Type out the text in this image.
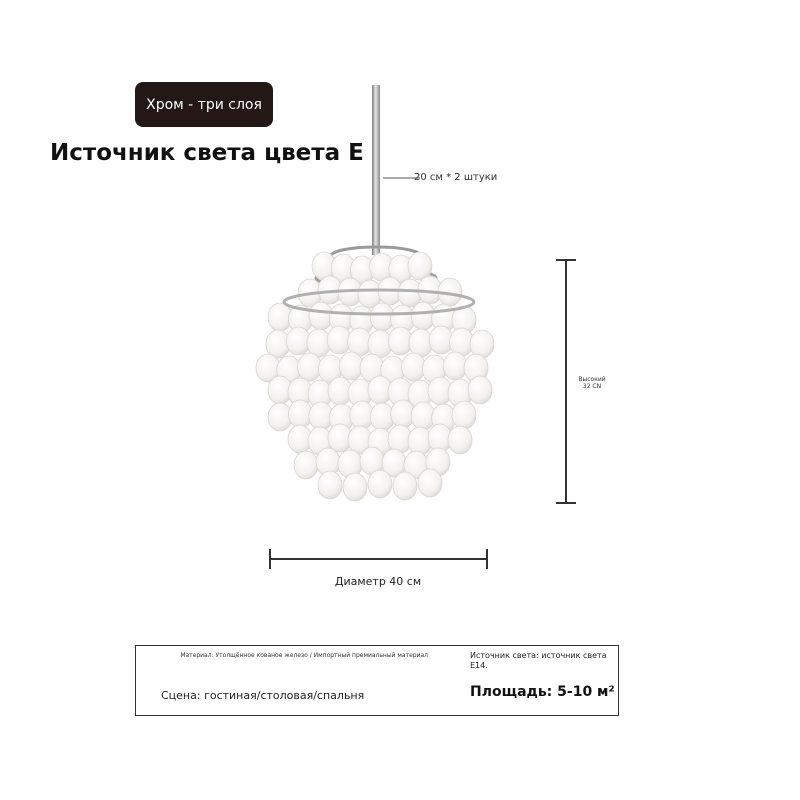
Хром - три слоя
Источник света цвета E
20 см * 2 штуки
Высокий
32 CN
Диаметр 40 см
Материал: Утолщённое кованое железо / Импортный премиальный материал	Источник света: источник света E14.
Сцена: гостиная/столовая/спальня	Площадь: 5-10 м²
